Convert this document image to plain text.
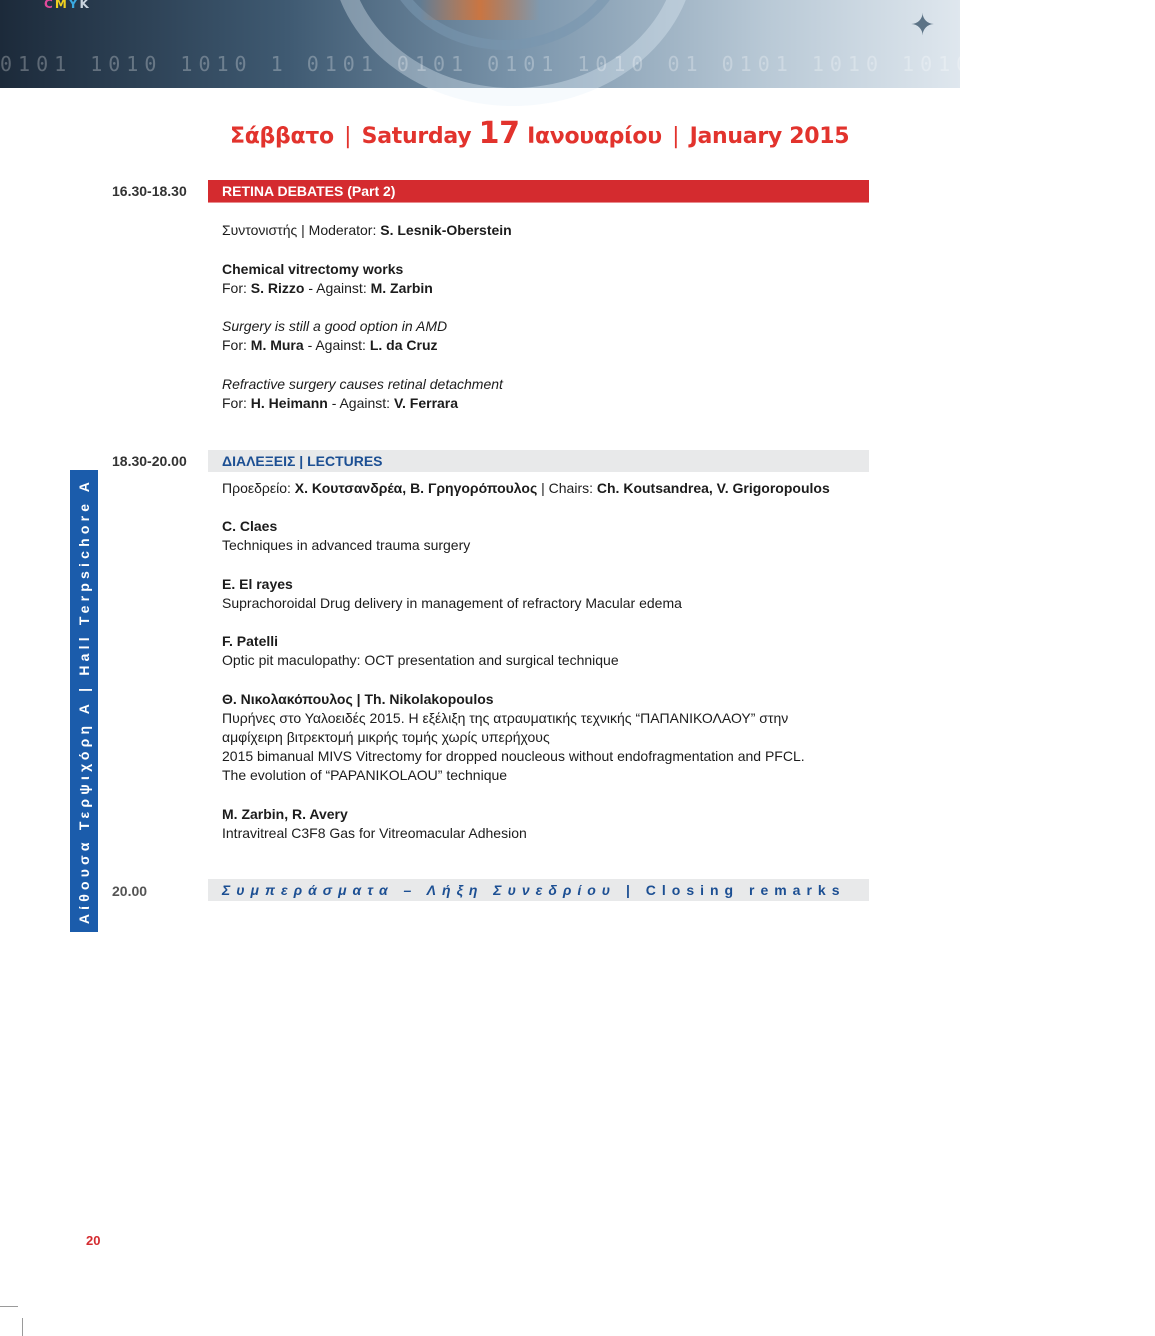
0101 1010 1010 1 0101 0101 0101 1010 01 0101 1010 1010 1010 1010
CMYK
✦
Σάββατο | Saturday 17 Ιανουαρίου | January 2015
16.30-18.30	RETINA DEBATES (Part 2)
Συντονιστής | Moderator: S. Lesnik-Oberstein
Chemical vitrectomy works
For: S. Rizzo - Against: M. Zarbin
Surgery is still a good option in AMD
For: M. Mura - Against: L. da Cruz
Refractive surgery causes retinal detachment
For: H. Heimann - Against: V. Ferrara
Αίθουσα Τερψιχόρη Α | Hall Terpsichore A
18.30-20.00	ΔΙΑΛΕΞΕΙΣ | LECTURES
Προεδρείο: Χ. Κουτσανδρέα, Β. Γρηγορόπουλος | Chairs: Ch. Koutsandrea, V. Grigoropoulos
C. Claes
Techniques in advanced trauma surgery
E. El rayes
Suprachoroidal Drug delivery in management of refractory Macular edema
F. Patelli
Optic pit maculopathy: OCT presentation and surgical technique
Θ. Νικολακόπουλος | Th. Nikolakopoulos
Πυρήνες στο Υαλοειδές 2015. Η εξέλιξη της ατραυματικής τεχνικής “ΠΑΠΑΝΙΚΟΛΑΟΥ” στην
αμφίχειρη βιτρεκτομή μικρής τομής χωρίς υπερήχους
2015 bimanual MIVS Vitrectomy for dropped noucleous without endofragmentation and PFCL.
The evolution of “PAPANIKOLAOU” technique
M. Zarbin, R. Avery
Intravitreal C3F8 Gas for Vitreomacular Adhesion
20.00	Συμπεράσματα – Λήξη Συνεδρίου | Closing remarks
20
